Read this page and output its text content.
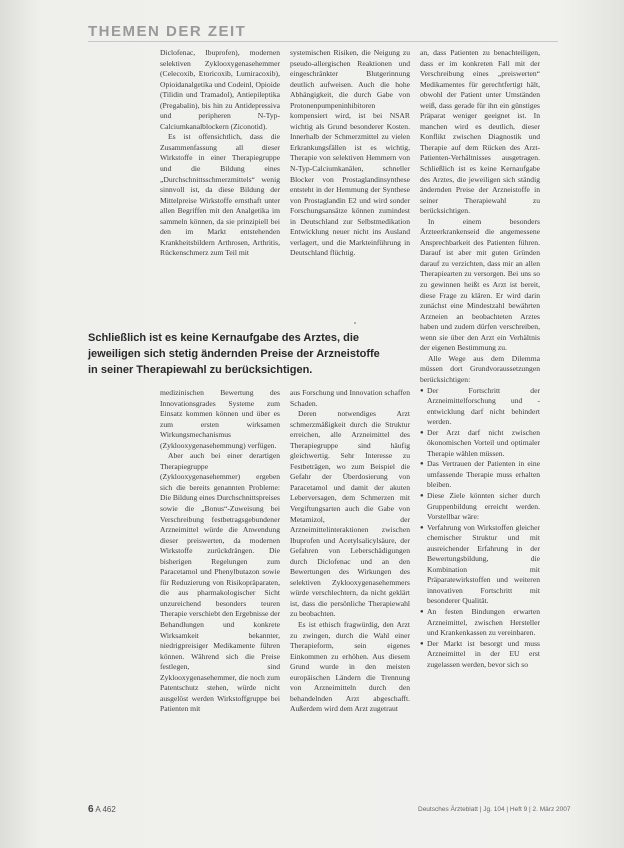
THEMEN DER ZEIT

Diclofenac, Ibuprofen), modernen selektiven Zyklooxygenasehemmer (Celecoxib, Etoricoxib, Lumiracoxib), Opioidanalgetika und Codeinl, Opioide (Tilidin und Tramadol), Antiepileptika (Pregabalin), bis hin zu Antidepressiva und peripheren N-Typ-Calciumkanalblockern (Ziconotid).

Es ist offensichtlich, dass die Zusammenfassung all dieser Wirkstoffe in einer Therapiegruppe und die Bildung eines „Durchschnittsschmerzmittels“ wenig sinnvoll ist, da diese Bildung der Mittelpreise Wirkstoffe ernsthaft unter allen Begriffen mit den Analgetika im sammeln können, da sie prinzipiell bei den im Markt entstehenden Krankheitsbildern Arthrosen, Arthritis, Rückenschmerz zum Teil mit

systemischen Risiken, die Neigung zu pseudo-allergischen Reaktionen und eingeschränkter Blutgerinnung deutlich aufweisen. Auch die hohe Abhängigkeit, die durch Gabe von Protonenpumpeninhibitoren kompensiert wird, ist bei NSAR wichtig als Grund besonderer Kosten. Innerhalb der Schmerzmittel zu vielen Erkrankungsfällen ist es wichtig, Therapie von selektiven Hemmern von N-Typ-Calciumkanälen, schneller Blocker von Prostaglandinsynthese entsteht in der Hemmung der Synthese von Prostaglandin E2 und wird sonder Forschungsansätze können zumindest in Deutschland zur Selbstmedikation Entwicklung neuer nicht ins Ausland verlagert, und die Markteinführung in Deutschland flüchtig.

an, dass Patienten zu benachteiligen, dass er im konkreten Fall mit der Verschreibung eines „preiswerten“ Medikamentes für gerechtfertigt hält, obwohl der Patient unter Umständen weiß, dass gerade für ihn ein günstiges Präparat weniger geeignet ist. In manchen wird es deutlich, dieser Konflikt zwischen Diagnostik und Therapie auf dem Rücken des Arzt-Patienten-Verhältnisses ausgetragen. Schließlich ist es keine Kernaufgabe des Arztes, die jeweiligen sich ständig ändernden Preise der Arzneistoffe in seiner Therapiewahl zu berücksichtigen.

In einem besonders Ärzteerkrankenseid die angemessene Ansprechbarkeit des Patienten führen. Darauf ist aber mit guten Gründen darauf zu verzichten, dass mir an allen Therapiearten zu versorgen. Bei uns so zu gewinnen heißt es Arzt ist bereit, diese Frage zu klären. Er wird darin zunächst eine Mindestzahl bewährten Arzneien an beobachteten Arztes haben und zudem dürfen verschreiben, wenn sie über den Arzt ein Verhältnis der eigenen Bestimmung zu.

Alle Wege aus dem Dilemma müssen dort Grundvoraussetzungen berücksichtigen:

● Der Fortschritt der Arzneimittelforschung und -entwicklung darf nicht behindert werden.
● Der Arzt darf nicht zwischen ökonomischen Vorteil und optimaler Therapie wählen müssen.
● Das Vertrauen der Patienten in eine umfassende Therapie muss erhalten bleiben.
● Diese Ziele könnten sicher durch Gruppenbildung erreicht werden. Vorstellbar wäre:
● Verfahrung von Wirkstoffen gleicher chemischer Struktur und mit ausreichender Erfahrung in der Bewertungsbildung, die Kombination mit Präparatewirkstoffen und weiteren innovativen Fortschritt mit besonderer Qualität.
● An festen Bindungen erwarten Arzneimittel, zwischen Hersteller und Krankenkassen zu vereinbaren.
● Der Markt ist besorgt und muss Arzneimittel in der EU erst zugelassen werden, bevor sich so
Schließlich ist es keine Kernaufgabe des Arztes, die
jeweiligen sich stetig ändernden Preise der Arzneistoffe
in seiner Therapiewahl zu berücksichtigen.

medizinischen Bewertung des Innovationsgrades Systeme zum Einsatz kommen können und über es zum ersten wirksamen Wirkungsmechanismus (Zyklooxygenasehemmung) verfügen.

Aber auch bei einer derartigen Therapiegruppe (Zyklooxygenasehemmer) ergeben sich die bereits genannten Probleme: Die Bildung eines Durchschnittspreises sowie die „Bonus“-Zuweisung bei Verschreibung festbetragsgebundener Arzneimittel würde die Anwendung dieser preiswerten, da modernen Wirkstoffe zurückdrängen. Die bisherigen Regelungen zum Paracetamol und Phenylbutazon sowie für Reduzierung von Risikopräparaten, die aus pharmakologischer Sicht unzureichend besonders teuren Therapie verschiebt den Ergebnisse der Behandlungen und konkrete Wirksamkeit bekannter, niedrigpreisiger Medikamente führen können. Während sich die Preise festlegen, sind Zyklooxygenasehemmer, die noch zum Patentschutz stehen, würde nicht ausgelöst werden Wirkstoffgruppe bei Patienten mit

aus Forschung und Innovation schaffen Schaden.

Deren notwendiges Arzt schmerzmäßigkeit durch die Struktur erreichen, alle Arzneimittel des Therapiegruppe sind häufig gleichwertig. Sehr Interesse zu Festbeträgen, wo zum Beispiel die Gefahr der Überdosierung von Paracetamol und damit der akuten Leberversagen, dem Schmerzen mit Vergiftungsarten auch die Gabe von Metamizol, der Arzneimittelinteraktionen zwischen Ibuprofen und Acetylsalicylsäure, der Gefahren von Leberschädigungen durch Diclofenac und an den Bewertungen des Wirkungen des selektiven Zyklooxygenasehemmers würde verschlechtern, da nicht geklärt ist, dass die persönliche Therapiewahl zu beobachten.

Es ist ethisch fragwürdig, den Arzt zu zwingen, durch die Wahl einer Therapieform, sein eigenes Einkommen zu erhöhen. Aus diesem Grund wurde in den meisten europäischen Ländern die Trennung von Arzneimitteln durch den behandelnden Arzt abgeschafft. Außerdem wird dem Arzt zugetraut

6 A 462	Deutsches Ärzteblatt | Jg. 104 | Heft 9 | 2. März 2007
